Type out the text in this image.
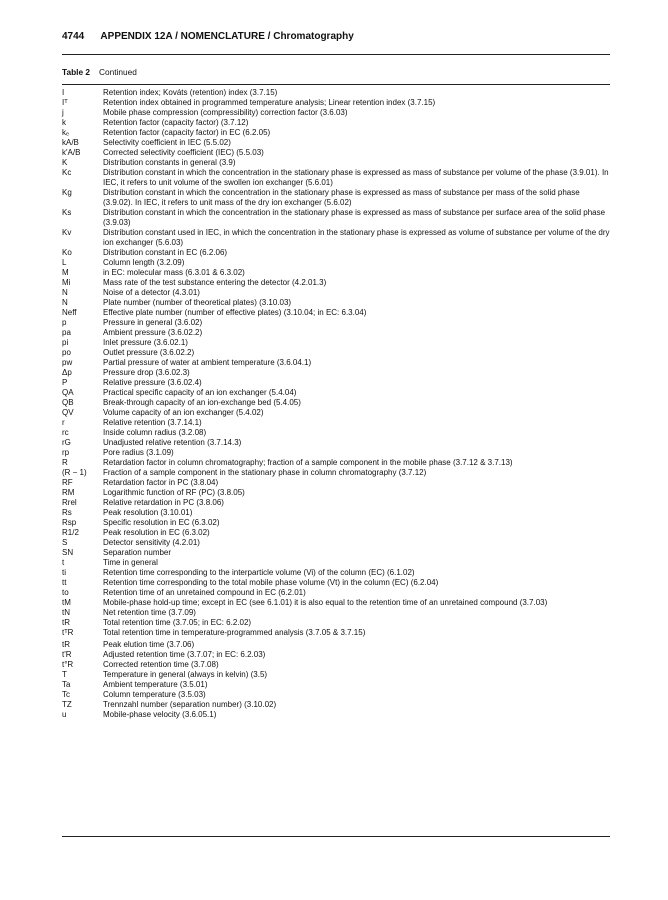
4744 APPENDIX 12A / NOMENCLATURE / Chromatography
Table 2 Continued
I	Retention index; Kováts (retention) index (3.7.15)
Iᵀ	Retention index obtained in programmed temperature analysis; Linear retention index (3.7.15)
j	Mobile phase compression (compressibility) correction factor (3.6.03)
k	Retention factor (capacity factor) (3.7.12)
kₑ	Retention factor (capacity factor) in EC (6.2.05)
kA/B	Selectivity coefficient in IEC (5.5.02)
k'A/B	Corrected selectivity coefficient (IEC) (5.5.03)
K	Distribution constants in general (3.9)
Kc	Distribution constant in which the concentration in the stationary phase is expressed as mass of substance per volume of the phase (3.9.01). In IEC, it refers to unit volume of the swollen ion exchanger (5.6.01)
Kg	Distribution constant in which the concentration in the stationary phase is expressed as mass of substance per mass of the solid phase (3.9.02). In IEC, it refers to unit mass of the dry ion exchanger (5.6.02)
Ks	Distribution constant in which the concentration in the stationary phase is expressed as mass of substance per surface area of the solid phase (3.9.03)
Kv	Distribution constant used in IEC, in which the concentration in the stationary phase is expressed as volume of substance per volume of the dry ion exchanger (5.6.03)
Ko	Distribution constant in EC (6.2.06)
L	Column length (3.2.09)
M	in EC: molecular mass (6.3.01 & 6.3.02)
Mi	Mass rate of the test substance entering the detector (4.2.01.3)
N	Noise of a detector (4.3.01)
N	Plate number (number of theoretical plates) (3.10.03)
Neff	Effective plate number (number of effective plates) (3.10.04; in EC: 6.3.04)
p	Pressure in general (3.6.02)
pa	Ambient pressure (3.6.02.2)
pi	Inlet pressure (3.6.02.1)
po	Outlet pressure (3.6.02.2)
pw	Partial pressure of water at ambient temperature (3.6.04.1)
Δp	Pressure drop (3.6.02.3)
P	Relative pressure (3.6.02.4)
QA	Practical specific capacity of an ion exchanger (5.4.04)
QB	Break-through capacity of an ion-exchange bed (5.4.05)
QV	Volume capacity of an ion exchanger (5.4.02)
r	Relative retention (3.7.14.1)
rc	Inside column radius (3.2.08)
rG	Unadjusted relative retention (3.7.14.3)
rp	Pore radius (3.1.09)
R	Retardation factor in column chromatography; fraction of a sample component in the mobile phase (3.7.12 & 3.7.13)
(R − 1)	Fraction of a sample component in the stationary phase in column chromatography (3.7.12)
RF	Retardation factor in PC (3.8.04)
RM	Logarithmic function of RF (PC) (3.8.05)
Rrel	Relative retardation in PC (3.8.06)
Rs	Peak resolution (3.10.01)
Rsp	Specific resolution in EC (6.3.02)
R1/2	Peak resolution in EC (6.3.02)
S	Detector sensitivity (4.2.01)
SN	Separation number
t	Time in general
ti	Retention time corresponding to the interparticle volume (Vi) of the column (EC) (6.1.02)
tt	Retention time corresponding to the total mobile phase volume (Vt) in the column (EC) (6.2.04)
to	Retention time of an unretained compound in EC (6.2.01)
tM	Mobile-phase hold-up time; except in EC (see 6.1.01) it is also equal to the retention time of an unretained compound (3.7.03)
tN	Net retention time (3.7.09)
tR	Total retention time (3.7.05; in EC: 6.2.02)
tᵀR	Total retention time in temperature-programmed analysis (3.7.05 & 3.7.15)
tR	Peak elution time (3.7.06)
t'R	Adjusted retention time (3.7.07; in EC: 6.2.03)
t°R	Corrected retention time (3.7.08)
T	Temperature in general (always in kelvin) (3.5)
Ta	Ambient temperature (3.5.01)
Tc	Column temperature (3.5.03)
TZ	Trennzahl number (separation number) (3.10.02)
u	Mobile-phase velocity (3.6.05.1)
